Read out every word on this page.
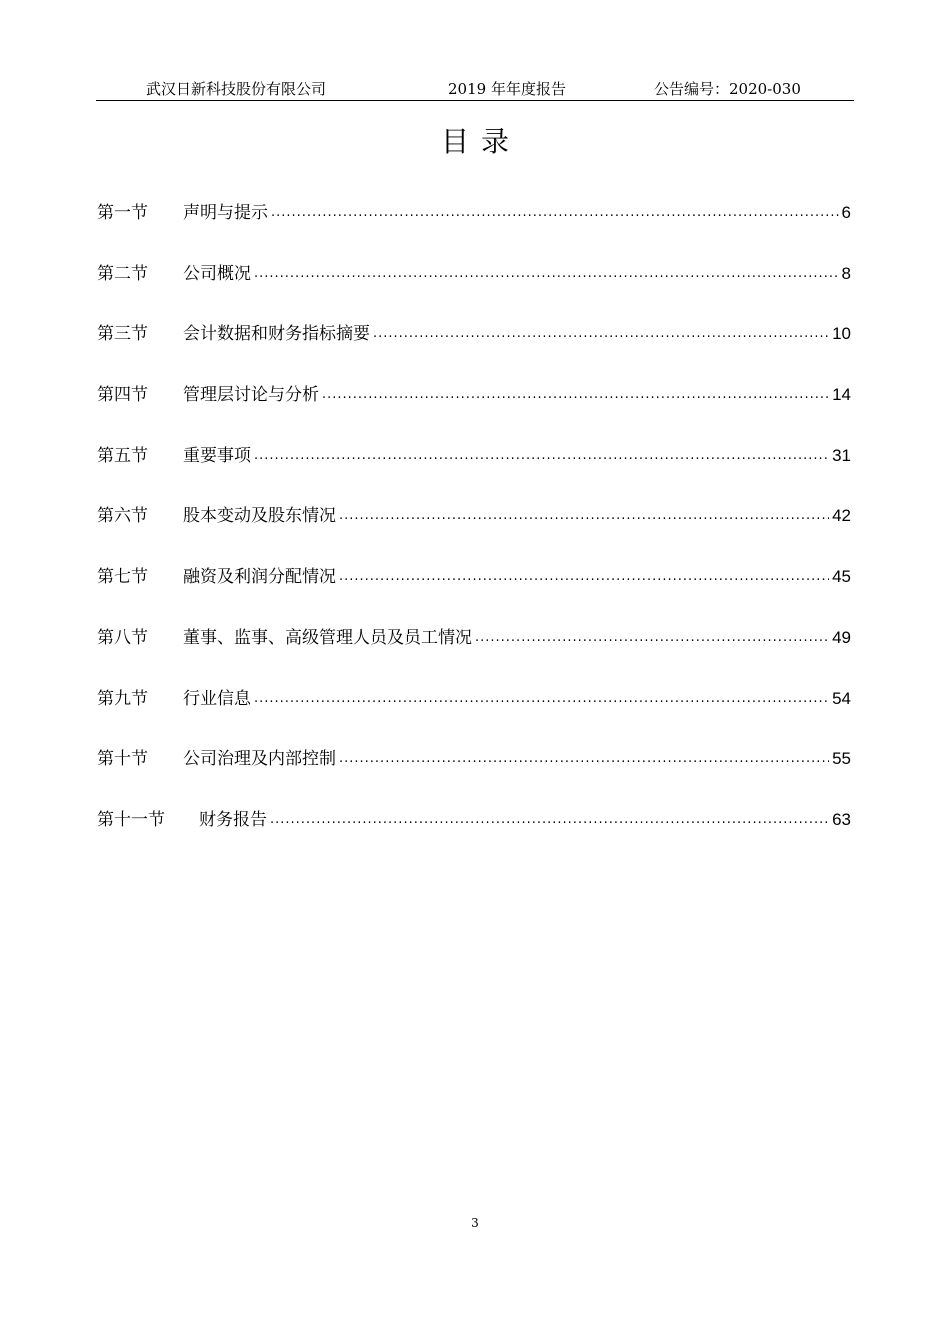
武汉日新科技股份有限公司	2019 年年度报告	公告编号：2020-030
目录
第一节	声明与提示 .....	6
第二节	公司概况 .....	8
第三节	会计数据和财务指标摘要 .....	10
第四节	管理层讨论与分析 .....	14
第五节	重要事项 .....	31
第六节	股本变动及股东情况 .....	42
第七节	融资及利润分配情况 .....	45
第八节	董事、监事、高级管理人员及员工情况 .....	49
第九节	行业信息 .....	54
第十节	公司治理及内部控制 .....	55
第十一节	财务报告 .....	63
3
